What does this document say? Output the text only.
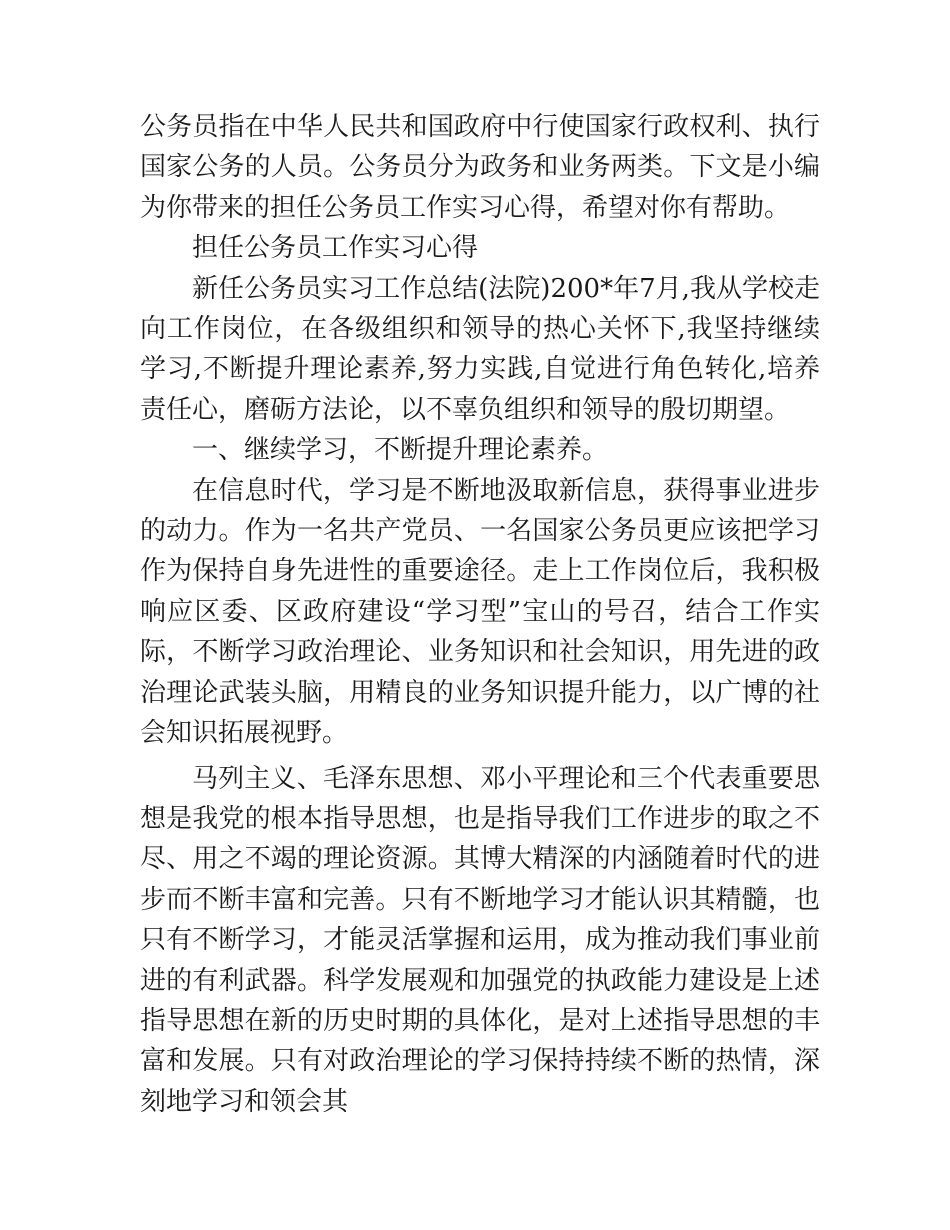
公务员指在中华人民共和国政府中行使国家行政权利、执行国家公务的人员。公务员分为政务和业务两类。下文是小编为你带来的担任公务员工作实习心得，希望对你有帮助。

担任公务员工作实习心得

新任公务员实习工作总结(法院)200*年7月,我从学校走向工作岗位，在各级组织和领导的热心关怀下,我坚持继续学习,不断提升理论素养,努力实践,自觉进行角色转化,培养责任心，磨砺方法论，以不辜负组织和领导的殷切期望。

一、继续学习，不断提升理论素养。

在信息时代，学习是不断地汲取新信息，获得事业进步的动力。作为一名共产党员、一名国家公务员更应该把学习作为保持自身先进性的重要途径。走上工作岗位后，我积极响应区委、区政府建设“学习型”宝山的号召，结合工作实际，不断学习政治理论、业务知识和社会知识，用先进的政治理论武装头脑，用精良的业务知识提升能力，以广博的社会知识拓展视野。

马列主义、毛泽东思想、邓小平理论和三个代表重要思想是我党的根本指导思想，也是指导我们工作进步的取之不尽、用之不竭的理论资源。其博大精深的内涵随着时代的进步而不断丰富和完善。只有不断地学习才能认识其精髓，也只有不断学习，才能灵活掌握和运用，成为推动我们事业前进的有利武器。科学发展观和加强党的执政能力建设是上述指导思想在新的历史时期的具体化，是对上述指导思想的丰富和发展。只有对政治理论的学习保持持续不断的热情，深刻地学习和领会其
